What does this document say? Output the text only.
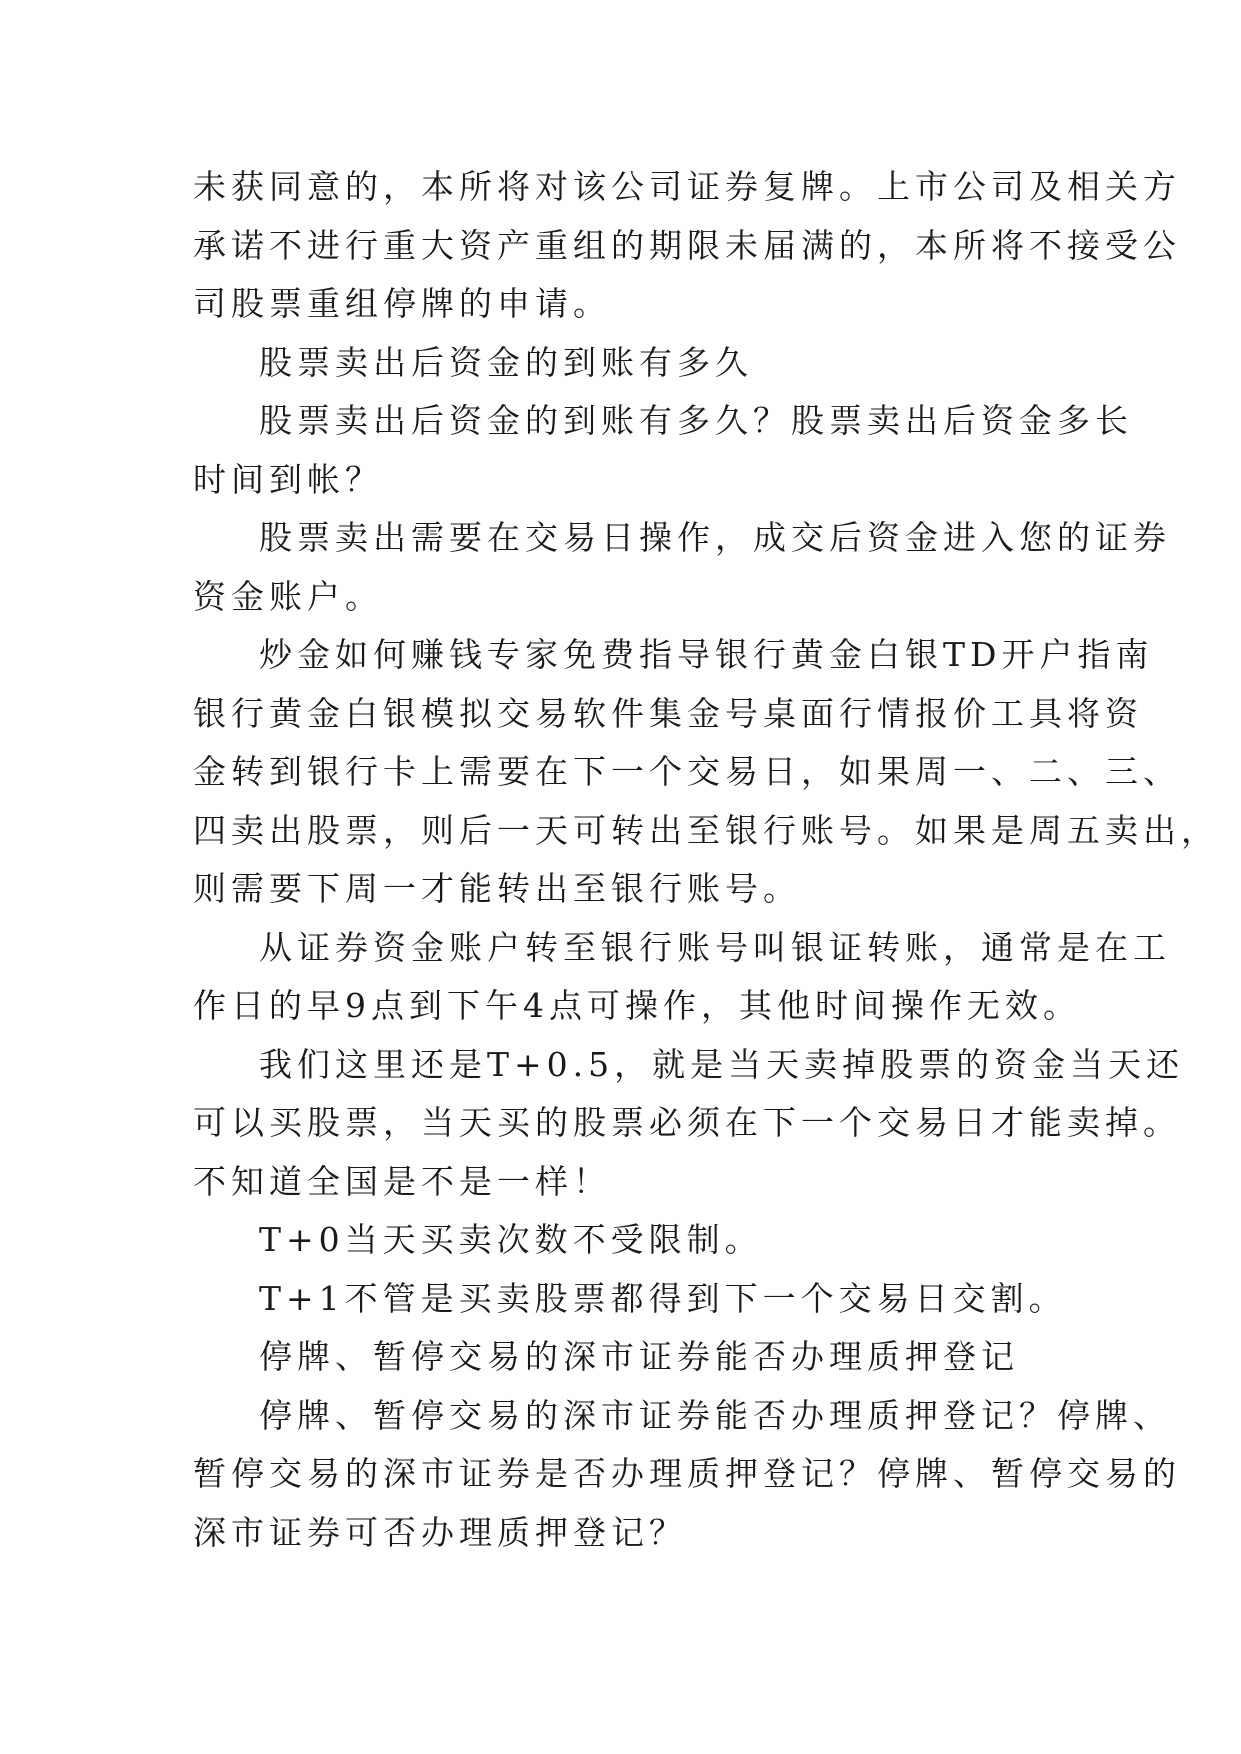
未获同意的，本所将对该公司证券复牌。上市公司及相关方
承诺不进行重大资产重组的期限未届满的，本所将不接受公
司股票重组停牌的申请。
股票卖出后资金的到账有多久
股票卖出后资金的到账有多久？股票卖出后资金多长
时间到帐？
股票卖出需要在交易日操作，成交后资金进入您的证券
资金账户。
炒金如何赚钱专家免费指导银行黄金白银TD开户指南
银行黄金白银模拟交易软件集金号桌面行情报价工具将资
金转到银行卡上需要在下一个交易日，如果周一、二、三、
四卖出股票，则后一天可转出至银行账号。如果是周五卖出，
则需要下周一才能转出至银行账号。
从证券资金账户转至银行账号叫银证转账，通常是在工
作日的早9点到下午4点可操作，其他时间操作无效。
我们这里还是T+0.5，就是当天卖掉股票的资金当天还
可以买股票，当天买的股票必须在下一个交易日才能卖掉。
不知道全国是不是一样！
T+0当天买卖次数不受限制。
T+1不管是买卖股票都得到下一个交易日交割。
停牌、暂停交易的深市证券能否办理质押登记
停牌、暂停交易的深市证券能否办理质押登记？停牌、
暂停交易的深市证券是否办理质押登记？停牌、暂停交易的
深市证券可否办理质押登记？
